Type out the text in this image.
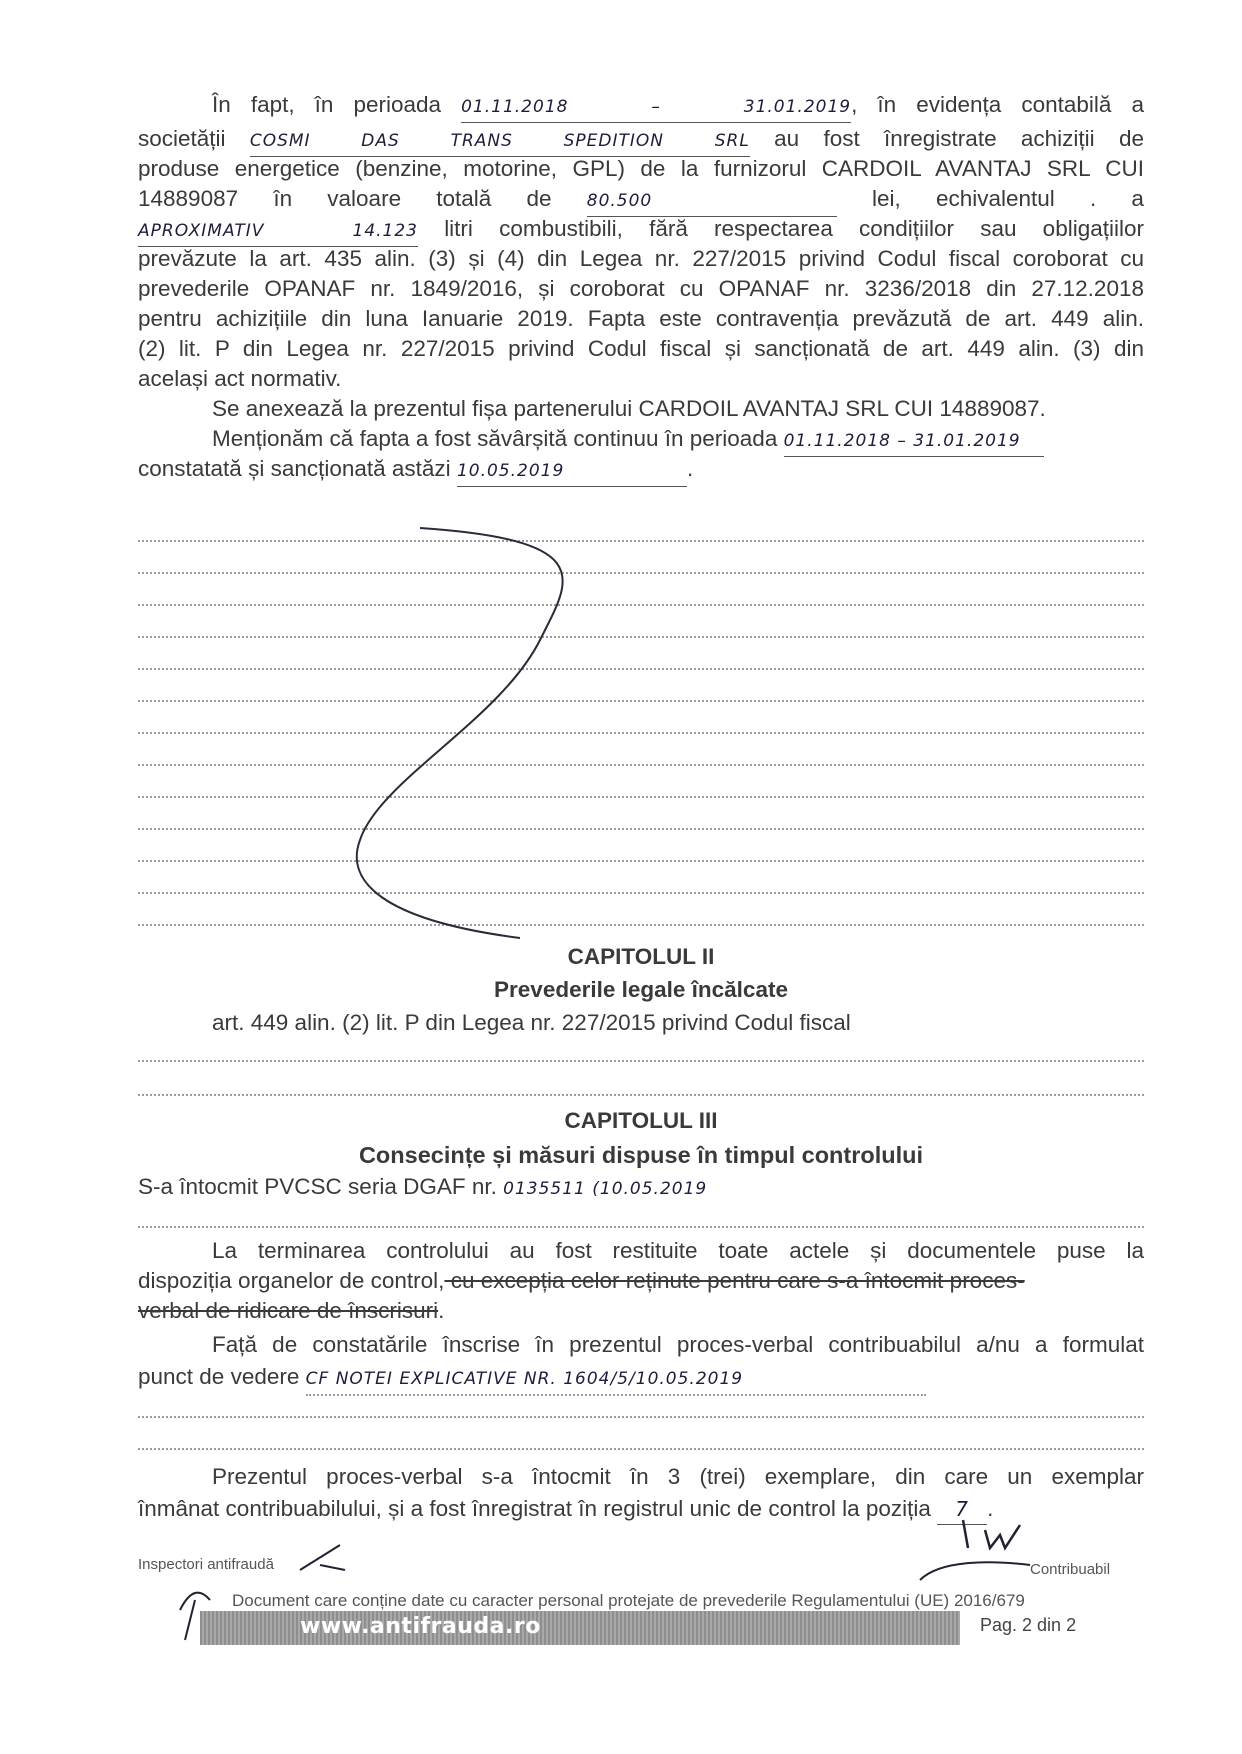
În fapt, în perioada 01.11.2018 – 31.01.2019, în evidența contabilă a
societății COSMI DAS TRANS SPEDITION SRL au fost înregistrate achiziții de
produse energetice (benzine, motorine, GPL) de la furnizorul CARDOIL AVANTAJ SRL CUI
14889087 în valoare totală de 80.500	lei, echivalentul . a
APROXIMATIV 14.123 litri combustibili, fără respectarea condițiilor sau obligațiilor
prevăzute la art. 435 alin. (3) și (4) din Legea nr. 227/2015 privind Codul fiscal coroborat cu
prevederile OPANAF nr. 1849/2016, și coroborat cu OPANAF nr. 3236/2018 din 27.12.2018
pentru achizițiile din luna Ianuarie 2019. Fapta este contravenția prevăzută de art. 449 alin.
(2) lit. P din Legea nr. 227/2015 privind Codul fiscal și sancționată de art. 449 alin. (3) din
același act normativ.
Se anexează la prezentul fișa partenerului CARDOIL AVANTAJ SRL CUI 14889087.
Menționăm că fapta a fost săvârșită continuu în perioada 01.11.2018 – 31.01.2019
constatată și sancționată astăzi 10.05.2019	.
CAPITOLUL II
Prevederile legale încălcate
art. 449 alin. (2) lit. P din Legea nr. 227/2015 privind Codul fiscal
CAPITOLUL III
Consecințe și măsuri dispuse în timpul controlului
S-a întocmit PVCSC seria DGAF nr. 0135511 (10.05.2019
La terminarea controlului au fost restituite toate actele și documentele puse la
dispoziția organelor de control, cu excepția celor reținute pentru care s-a întocmit proces-
verbal de ridicare de înscrisuri.
Față de constatările înscrise în prezentul proces-verbal contribuabilul a/nu a formulat
punct de vedere CF NOTEI EXPLICATIVE NR. 1604/5/10.05.2019
Prezentul proces-verbal s-a întocmit în 3 (trei) exemplare, din care un exemplar
înmânat contribuabilului, și a fost înregistrat în registrul unic de control la poziția 7 .
Inspectori antifraudă	Contribuabil
Document care conține date cu caracter personal protejate de prevederile Regulamentului (UE) 2016/679
www.antifrauda.ro	Pag. 2 din 2
